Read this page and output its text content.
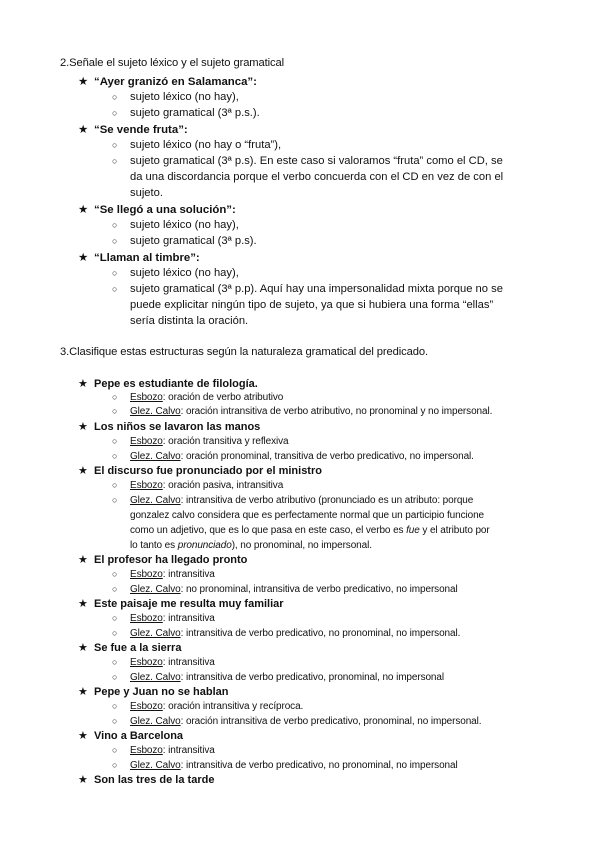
2.Señale el sujeto léxico y el sujeto gramatical
★ “Ayer granizó en Salamanca”:
○ sujeto léxico (no hay),
○ sujeto gramatical (3ª p.s.).
★ “Se vende fruta”:
○ sujeto léxico (no hay o “fruta”),
○ sujeto gramatical (3ª p.s). En este caso si valoramos “fruta” como el CD, se
da una discordancia porque el verbo concuerda con el CD en vez de con el
sujeto.
★ “Se llegó a una solución”:
○ sujeto léxico (no hay),
○ sujeto gramatical (3ª p.s).
★ “Llaman al timbre”:
○ sujeto léxico (no hay),
○ sujeto gramatical (3ª p.p). Aquí hay una impersonalidad mixta porque no se
puede explicitar ningún tipo de sujeto, ya que si hubiera una forma “ellas”
sería distinta la oración.
3.Clasifique estas estructuras según la naturaleza gramatical del predicado.
★ Pepe es estudiante de filología.
○ Esbozo: oración de verbo atributivo
○ Glez. Calvo: oración intransitiva de verbo atributivo, no pronominal y no impersonal.
★ Los niños se lavaron las manos
○ Esbozo: oración transitiva y reflexiva
○ Glez. Calvo: oración pronominal, transitiva de verbo predicativo, no impersonal.
★ El discurso fue pronunciado por el ministro
○ Esbozo: oración pasiva, intransitiva
○ Glez. Calvo: intransitiva de verbo atributivo (pronunciado es un atributo: porque
gonzalez calvo considera que es perfectamente normal que un participio funcione
como un adjetivo, que es lo que pasa en este caso, el verbo es fue y el atributo por
lo tanto es pronunciado), no pronominal, no impersonal.
★ El profesor ha llegado pronto
○ Esbozo: intransitiva
○ Glez. Calvo: no pronominal, intransitiva de verbo predicativo, no impersonal
★ Este paisaje me resulta muy familiar
○ Esbozo: intransitiva
○ Glez. Calvo: intransitiva de verbo predicativo, no pronominal, no impersonal.
★ Se fue a la sierra
○ Esbozo: intransitiva
○ Glez. Calvo: intransitiva de verbo predicativo, pronominal, no impersonal
★ Pepe y Juan no se hablan
○ Esbozo: oración intransitiva y recíproca.
○ Glez. Calvo: oración intransitiva de verbo predicativo, pronominal, no impersonal.
★ Vino a Barcelona
○ Esbozo: intransitiva
○ Glez. Calvo: intransitiva de verbo predicativo, no pronominal, no impersonal
★ Son las tres de la tarde
